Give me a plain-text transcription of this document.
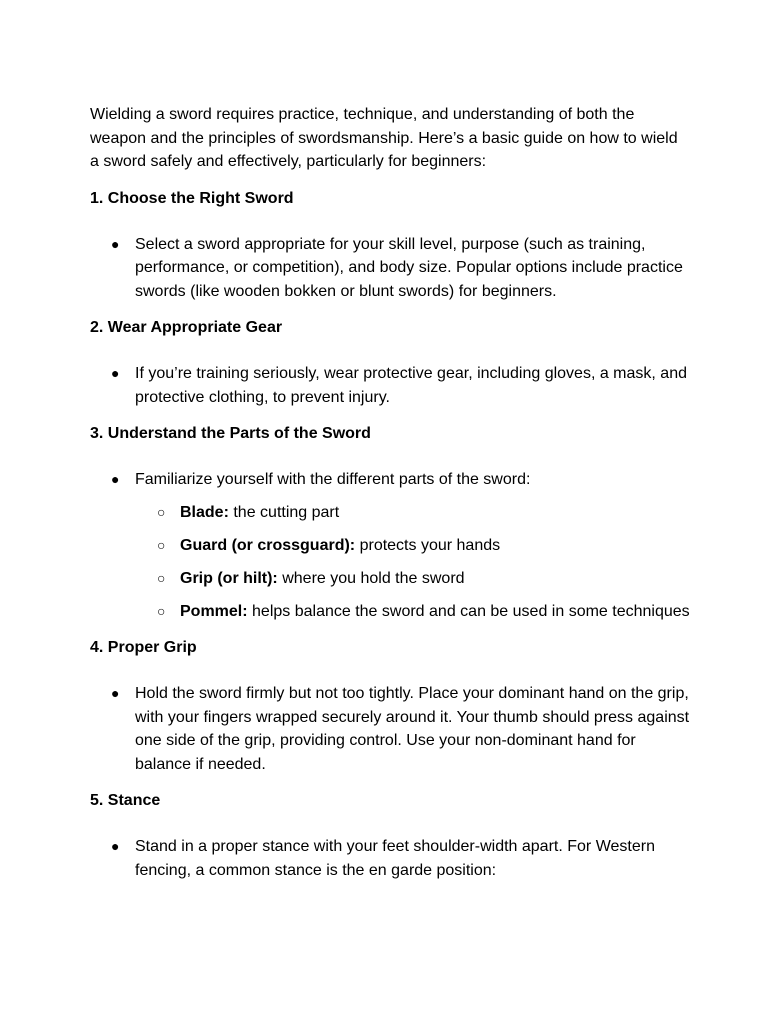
Wielding a sword requires practice, technique, and understanding of both the weapon and the principles of swordsmanship. Here’s a basic guide on how to wield a sword safely and effectively, particularly for beginners:

1. Choose the Right Sword

● Select a sword appropriate for your skill level, purpose (such as training, performance, or competition), and body size. Popular options include practice swords (like wooden bokken or blunt swords) for beginners.

2. Wear Appropriate Gear

● If you’re training seriously, wear protective gear, including gloves, a mask, and protective clothing, to prevent injury.

3. Understand the Parts of the Sword

● Familiarize yourself with the different parts of the sword:
○ Blade: the cutting part
○ Guard (or crossguard): protects your hands
○ Grip (or hilt): where you hold the sword
○ Pommel: helps balance the sword and can be used in some techniques

4. Proper Grip

● Hold the sword firmly but not too tightly. Place your dominant hand on the grip, with your fingers wrapped securely around it. Your thumb should press against one side of the grip, providing control. Use your non-dominant hand for balance if needed.

5. Stance

● Stand in a proper stance with your feet shoulder-width apart. For Western fencing, a common stance is the en garde position:
